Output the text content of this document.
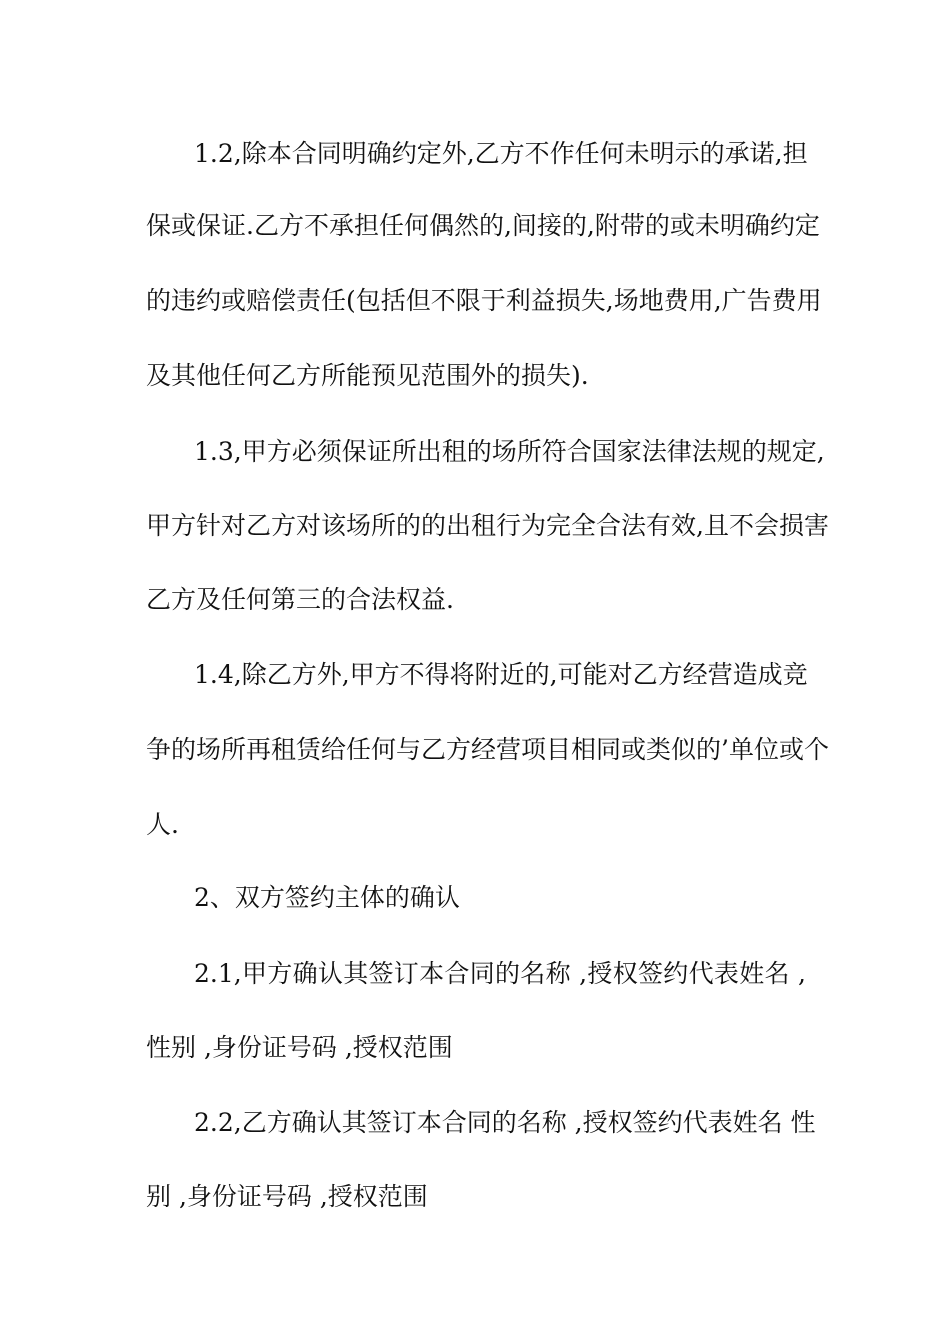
1.2,除本合同明确约定外,乙方不作任何未明示的承诺,担
保或保证.乙方不承担任何偶然的,间接的,附带的或未明确约定
的违约或赔偿责任(包括但不限于利益损失,场地费用,广告费用
及其他任何乙方所能预见范围外的损失).
1.3,甲方必须保证所出租的场所符合国家法律法规的规定,
甲方针对乙方对该场所的的出租行为完全合法有效,且不会损害
乙方及任何第三的合法权益.
1.4,除乙方外,甲方不得将附近的,可能对乙方经营造成竞
争的场所再租赁给任何与乙方经营项目相同或类似的’单位或个
人.
2、双方签约主体的确认
2.1,甲方确认其签订本合同的名称 ,授权签约代表姓名 ,
性别 ,身份证号码 ,授权范围
2.2,乙方确认其签订本合同的名称 ,授权签约代表姓名 性
别 ,身份证号码 ,授权范围
